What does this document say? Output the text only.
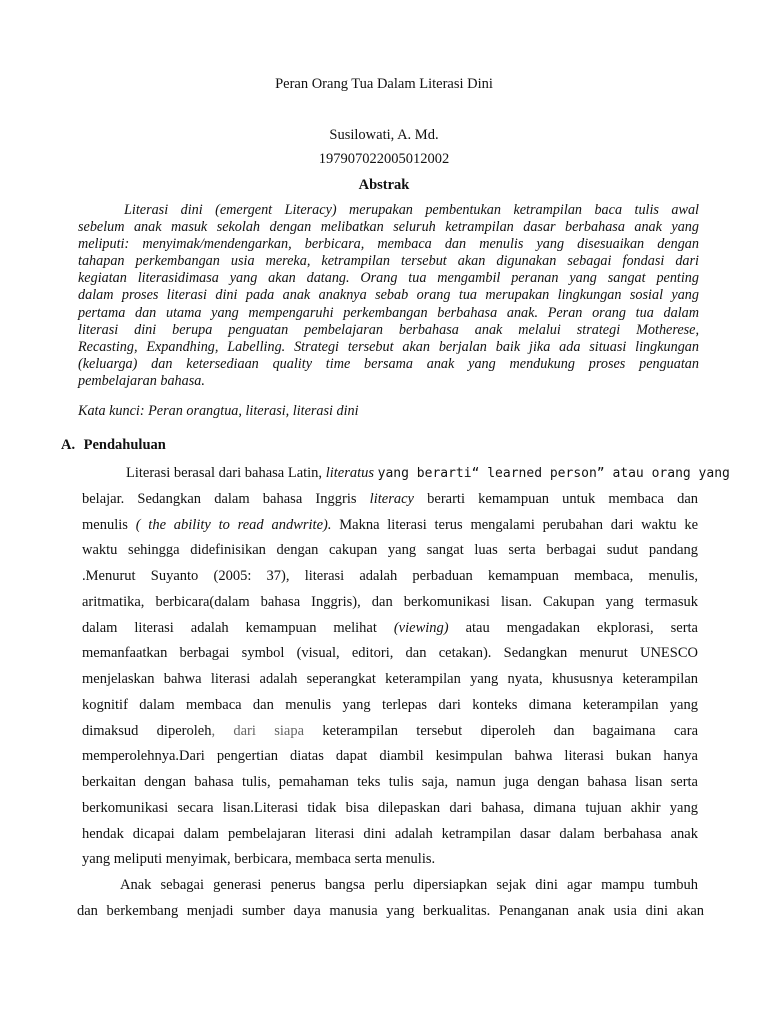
Peran Orang Tua Dalam Literasi Dini
Susilowati, A. Md.
197907022005012002
Abstrak
Literasi dini (emergent Literacy) merupakan pembentukan ketrampilan baca tulis awal
sebelum anak masuk sekolah dengan melibatkan seluruh ketrampilan dasar berbahasa anak yang
meliputi: menyimak/mendengarkan, berbicara, membaca dan menulis yang disesuaikan dengan
tahapan perkembangan usia mereka, ketrampilan tersebut akan digunakan sebagai fondasi dari
kegiatan literasidimasa yang akan datang. Orang tua mengambil peranan yang sangat penting
dalam proses literasi dini pada anak anaknya sebab orang tua merupakan lingkungan sosial yang
pertama dan utama yang mempengaruhi perkembangan berbahasa anak. Peran orang tua dalam
literasi dini berupa penguatan pembelajaran berbahasa anak melalui strategi Motherese,
Recasting, Expandhing, Labelling. Strategi tersebut akan berjalan baik jika ada situasi lingkungan
(keluarga) dan ketersediaan quality time bersama anak yang mendukung proses penguatan
pembelajaran bahasa.
Kata kunci: Peran orangtua, literasi, literasi dini
A. Pendahuluan
Literasi berasal dari bahasa Latin, literatus yang berarti“ learned person” atau orang yang
belajar. Sedangkan dalam bahasa Inggris literacy berarti kemampuan untuk membaca dan
menulis ( the ability to read andwrite). Makna literasi terus mengalami perubahan dari waktu ke
waktu sehingga didefinisikan dengan cakupan yang sangat luas serta berbagai sudut pandang
.Menurut Suyanto (2005: 37), literasi adalah perbaduan kemampuan membaca, menulis,
aritmatika, berbicara(dalam bahasa Inggris), dan berkomunikasi lisan. Cakupan yang termasuk
dalam literasi adalah kemampuan melihat (viewing) atau mengadakan ekplorasi, serta
memanfaatkan berbagai symbol (visual, editori, dan cetakan). Sedangkan menurut UNESCO
menjelaskan bahwa literasi adalah seperangkat keterampilan yang nyata, khususnya keterampilan
kognitif dalam membaca dan menulis yang terlepas dari konteks dimana keterampilan yang
dimaksud diperoleh, dari siapa keterampilan tersebut diperoleh dan bagaimana cara
memperolehnya.Dari pengertian diatas dapat diambil kesimpulan bahwa literasi bukan hanya
berkaitan dengan bahasa tulis, pemahaman teks tulis saja, namun juga dengan bahasa lisan serta
berkomunikasi secara lisan.Literasi tidak bisa dilepaskan dari bahasa, dimana tujuan akhir yang
hendak dicapai dalam pembelajaran literasi dini adalah ketrampilan dasar dalam berbahasa anak
yang meliputi menyimak, berbicara, membaca serta menulis.
Anak sebagai generasi penerus bangsa perlu dipersiapkan sejak dini agar mampu tumbuh
dan berkembang menjadi sumber daya manusia yang berkualitas. Penanganan anak usia dini akan
